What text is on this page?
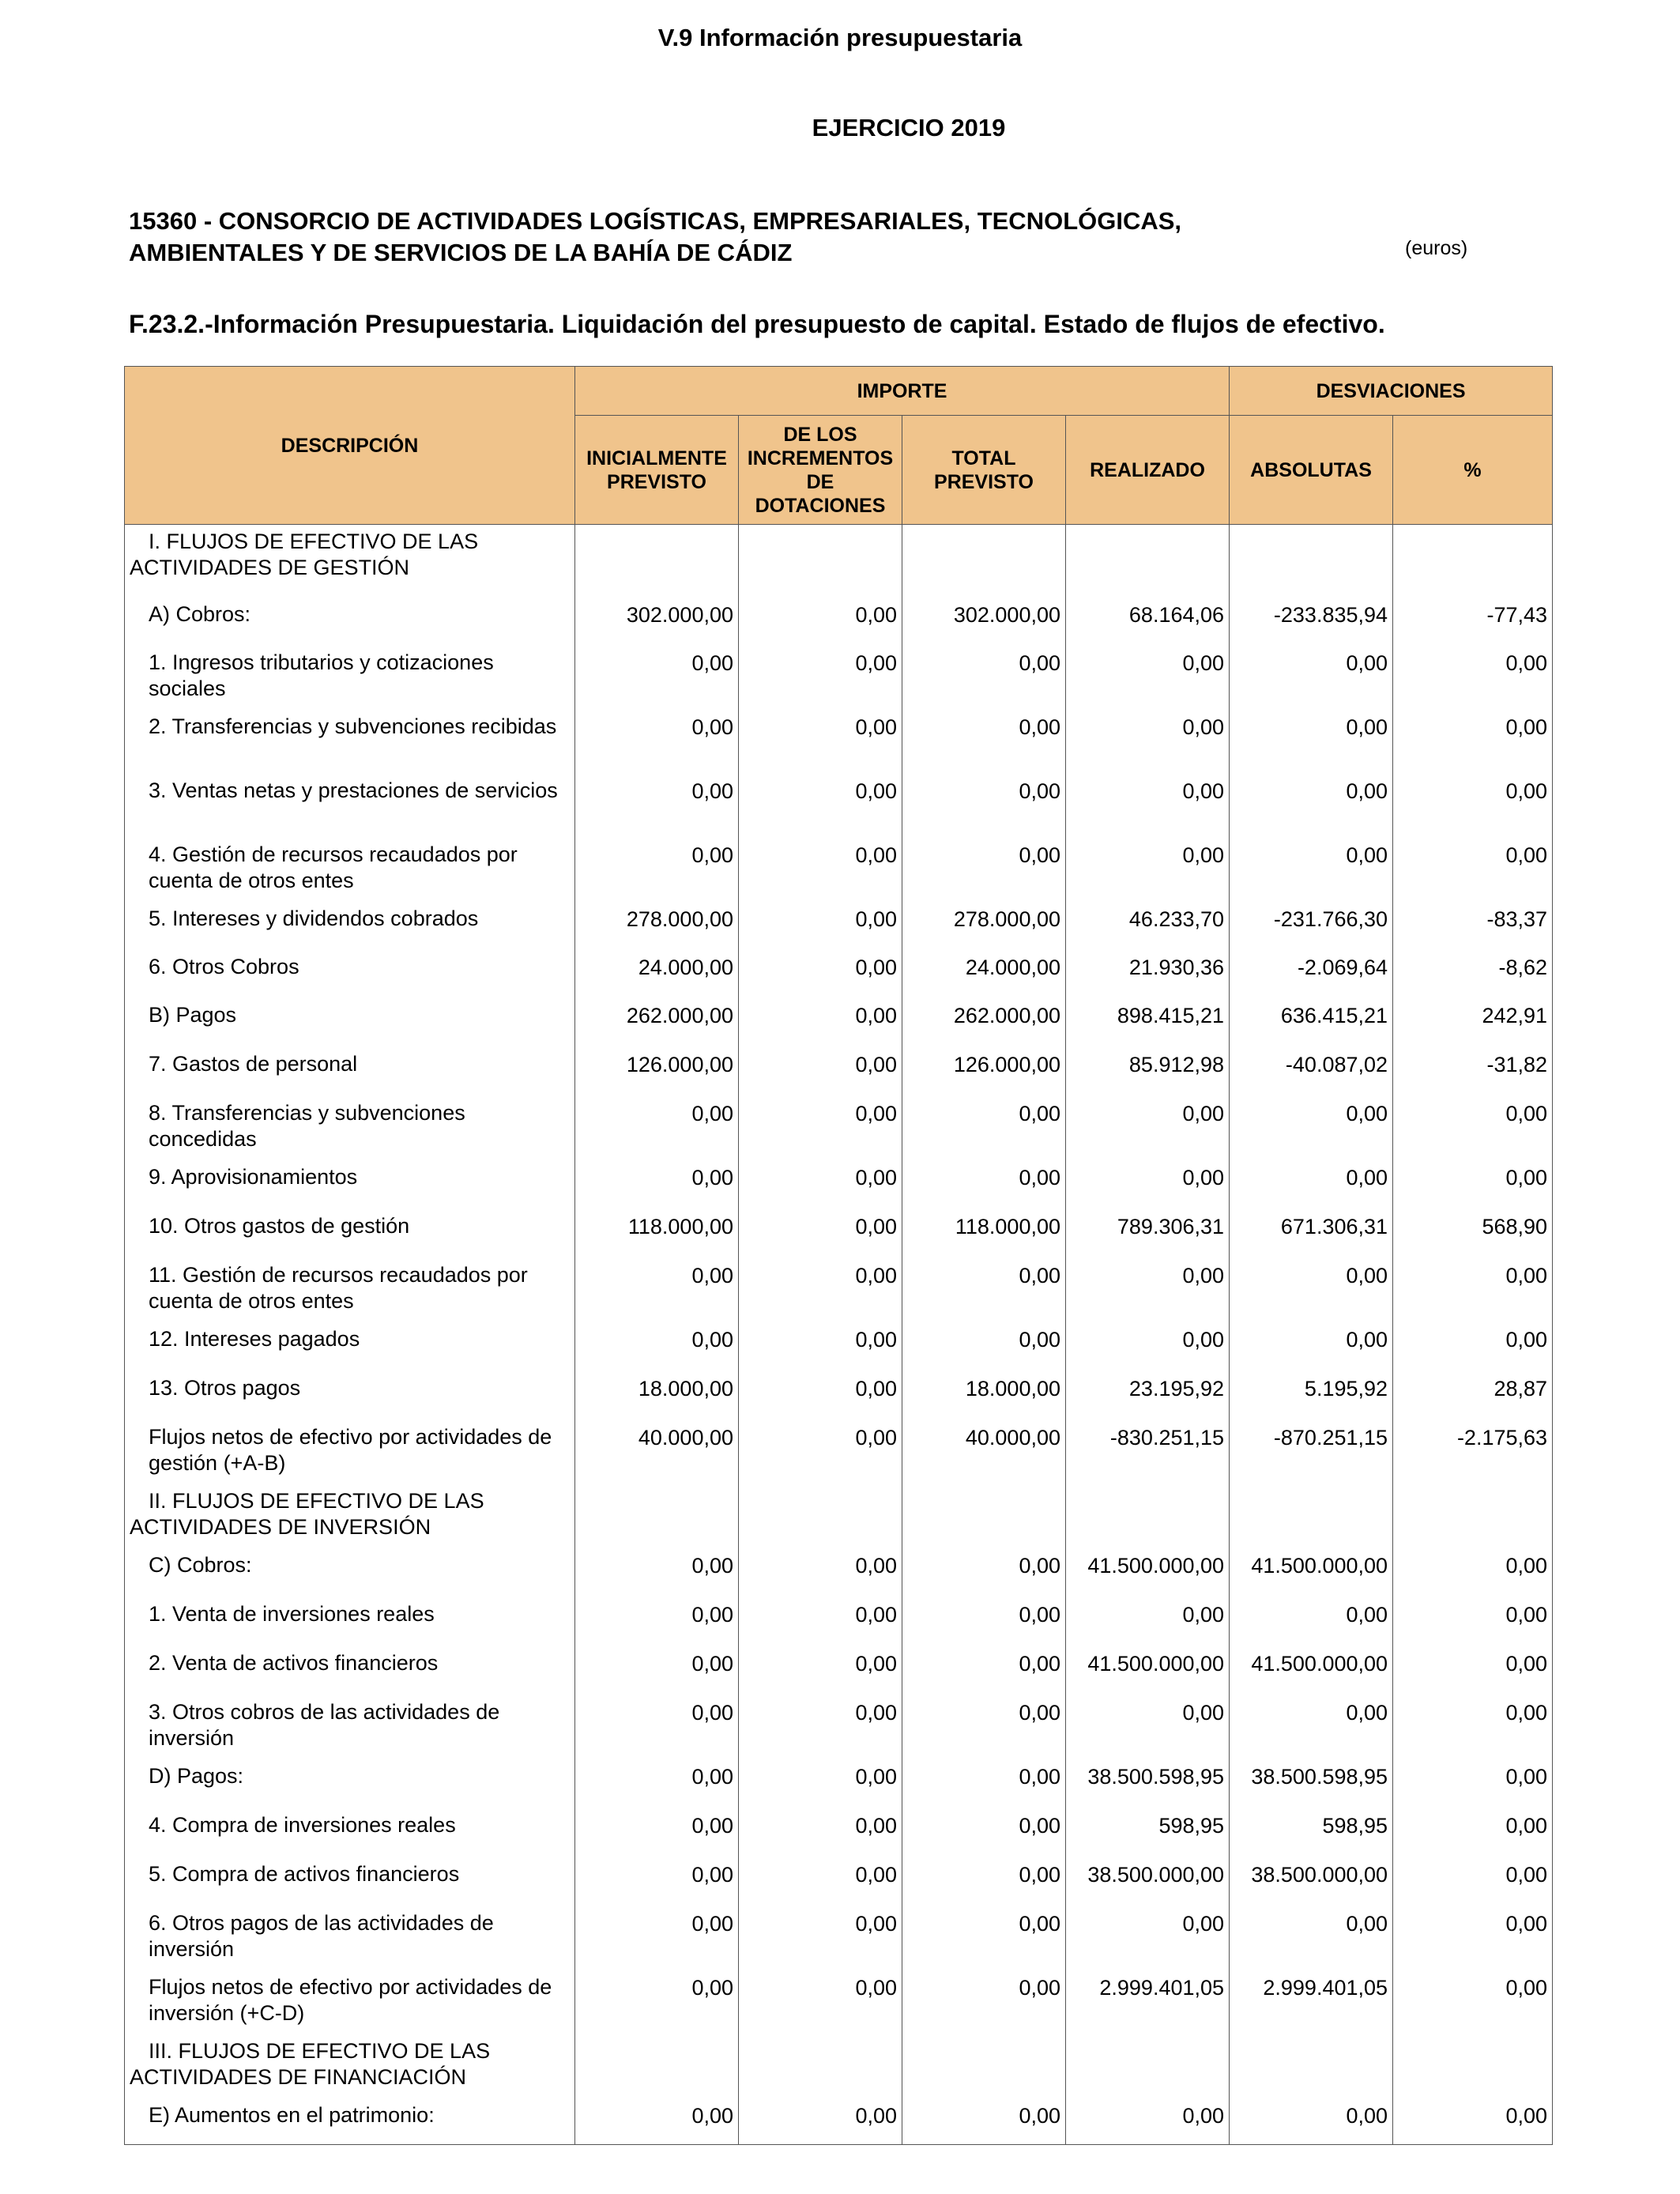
V.9 Información presupuestaria
EJERCICIO 2019
15360 - CONSORCIO DE ACTIVIDADES LOGÍSTICAS, EMPRESARIALES, TECNOLÓGICAS,
AMBIENTALES Y DE SERVICIOS DE LA BAHÍA DE CÁDIZ	(euros)
F.23.2.-Información Presupuestaria. Liquidación del presupuesto de capital. Estado de flujos de efectivo.
DESCRIPCIÓN	IMPORTE				DESVIACIONES	
	INICIALMENTE PREVISTO	DE LOS INCREMENTOS DE DOTACIONES	TOTAL PREVISTO	REALIZADO	ABSOLUTAS	%
I. FLUJOS DE EFECTIVO DE LAS ACTIVIDADES DE GESTIÓN						
A) Cobros:	302.000,00	0,00	302.000,00	68.164,06	-233.835,94	-77,43
1. Ingresos tributarios y cotizaciones sociales	0,00	0,00	0,00	0,00	0,00	0,00
2. Transferencias y subvenciones recibidas	0,00	0,00	0,00	0,00	0,00	0,00
3. Ventas netas y prestaciones de servicios	0,00	0,00	0,00	0,00	0,00	0,00
4. Gestión de recursos recaudados por cuenta de otros entes	0,00	0,00	0,00	0,00	0,00	0,00
5. Intereses y dividendos cobrados	278.000,00	0,00	278.000,00	46.233,70	-231.766,30	-83,37
6. Otros Cobros	24.000,00	0,00	24.000,00	21.930,36	-2.069,64	-8,62
B) Pagos	262.000,00	0,00	262.000,00	898.415,21	636.415,21	242,91
7. Gastos de personal	126.000,00	0,00	126.000,00	85.912,98	-40.087,02	-31,82
8. Transferencias y subvenciones concedidas	0,00	0,00	0,00	0,00	0,00	0,00
9. Aprovisionamientos	0,00	0,00	0,00	0,00	0,00	0,00
10. Otros gastos de gestión	118.000,00	0,00	118.000,00	789.306,31	671.306,31	568,90
11. Gestión de recursos recaudados por cuenta de otros entes	0,00	0,00	0,00	0,00	0,00	0,00
12. Intereses pagados	0,00	0,00	0,00	0,00	0,00	0,00
13. Otros pagos	18.000,00	0,00	18.000,00	23.195,92	5.195,92	28,87
Flujos netos de efectivo por actividades de gestión (+A-B)	40.000,00	0,00	40.000,00	-830.251,15	-870.251,15	-2.175,63
II. FLUJOS DE EFECTIVO DE LAS ACTIVIDADES DE INVERSIÓN						
C) Cobros:	0,00	0,00	0,00	41.500.000,00	41.500.000,00	0,00
1. Venta de inversiones reales	0,00	0,00	0,00	0,00	0,00	0,00
2. Venta de activos financieros	0,00	0,00	0,00	41.500.000,00	41.500.000,00	0,00
3. Otros cobros de las actividades de inversión	0,00	0,00	0,00	0,00	0,00	0,00
D) Pagos:	0,00	0,00	0,00	38.500.598,95	38.500.598,95	0,00
4. Compra de inversiones reales	0,00	0,00	0,00	598,95	598,95	0,00
5. Compra de activos financieros	0,00	0,00	0,00	38.500.000,00	38.500.000,00	0,00
6. Otros pagos de las actividades de inversión	0,00	0,00	0,00	0,00	0,00	0,00
Flujos netos de efectivo por actividades de inversión (+C-D)	0,00	0,00	0,00	2.999.401,05	2.999.401,05	0,00
III. FLUJOS DE EFECTIVO DE LAS ACTIVIDADES DE FINANCIACIÓN						
E) Aumentos en el patrimonio:	0,00	0,00	0,00	0,00	0,00	0,00
